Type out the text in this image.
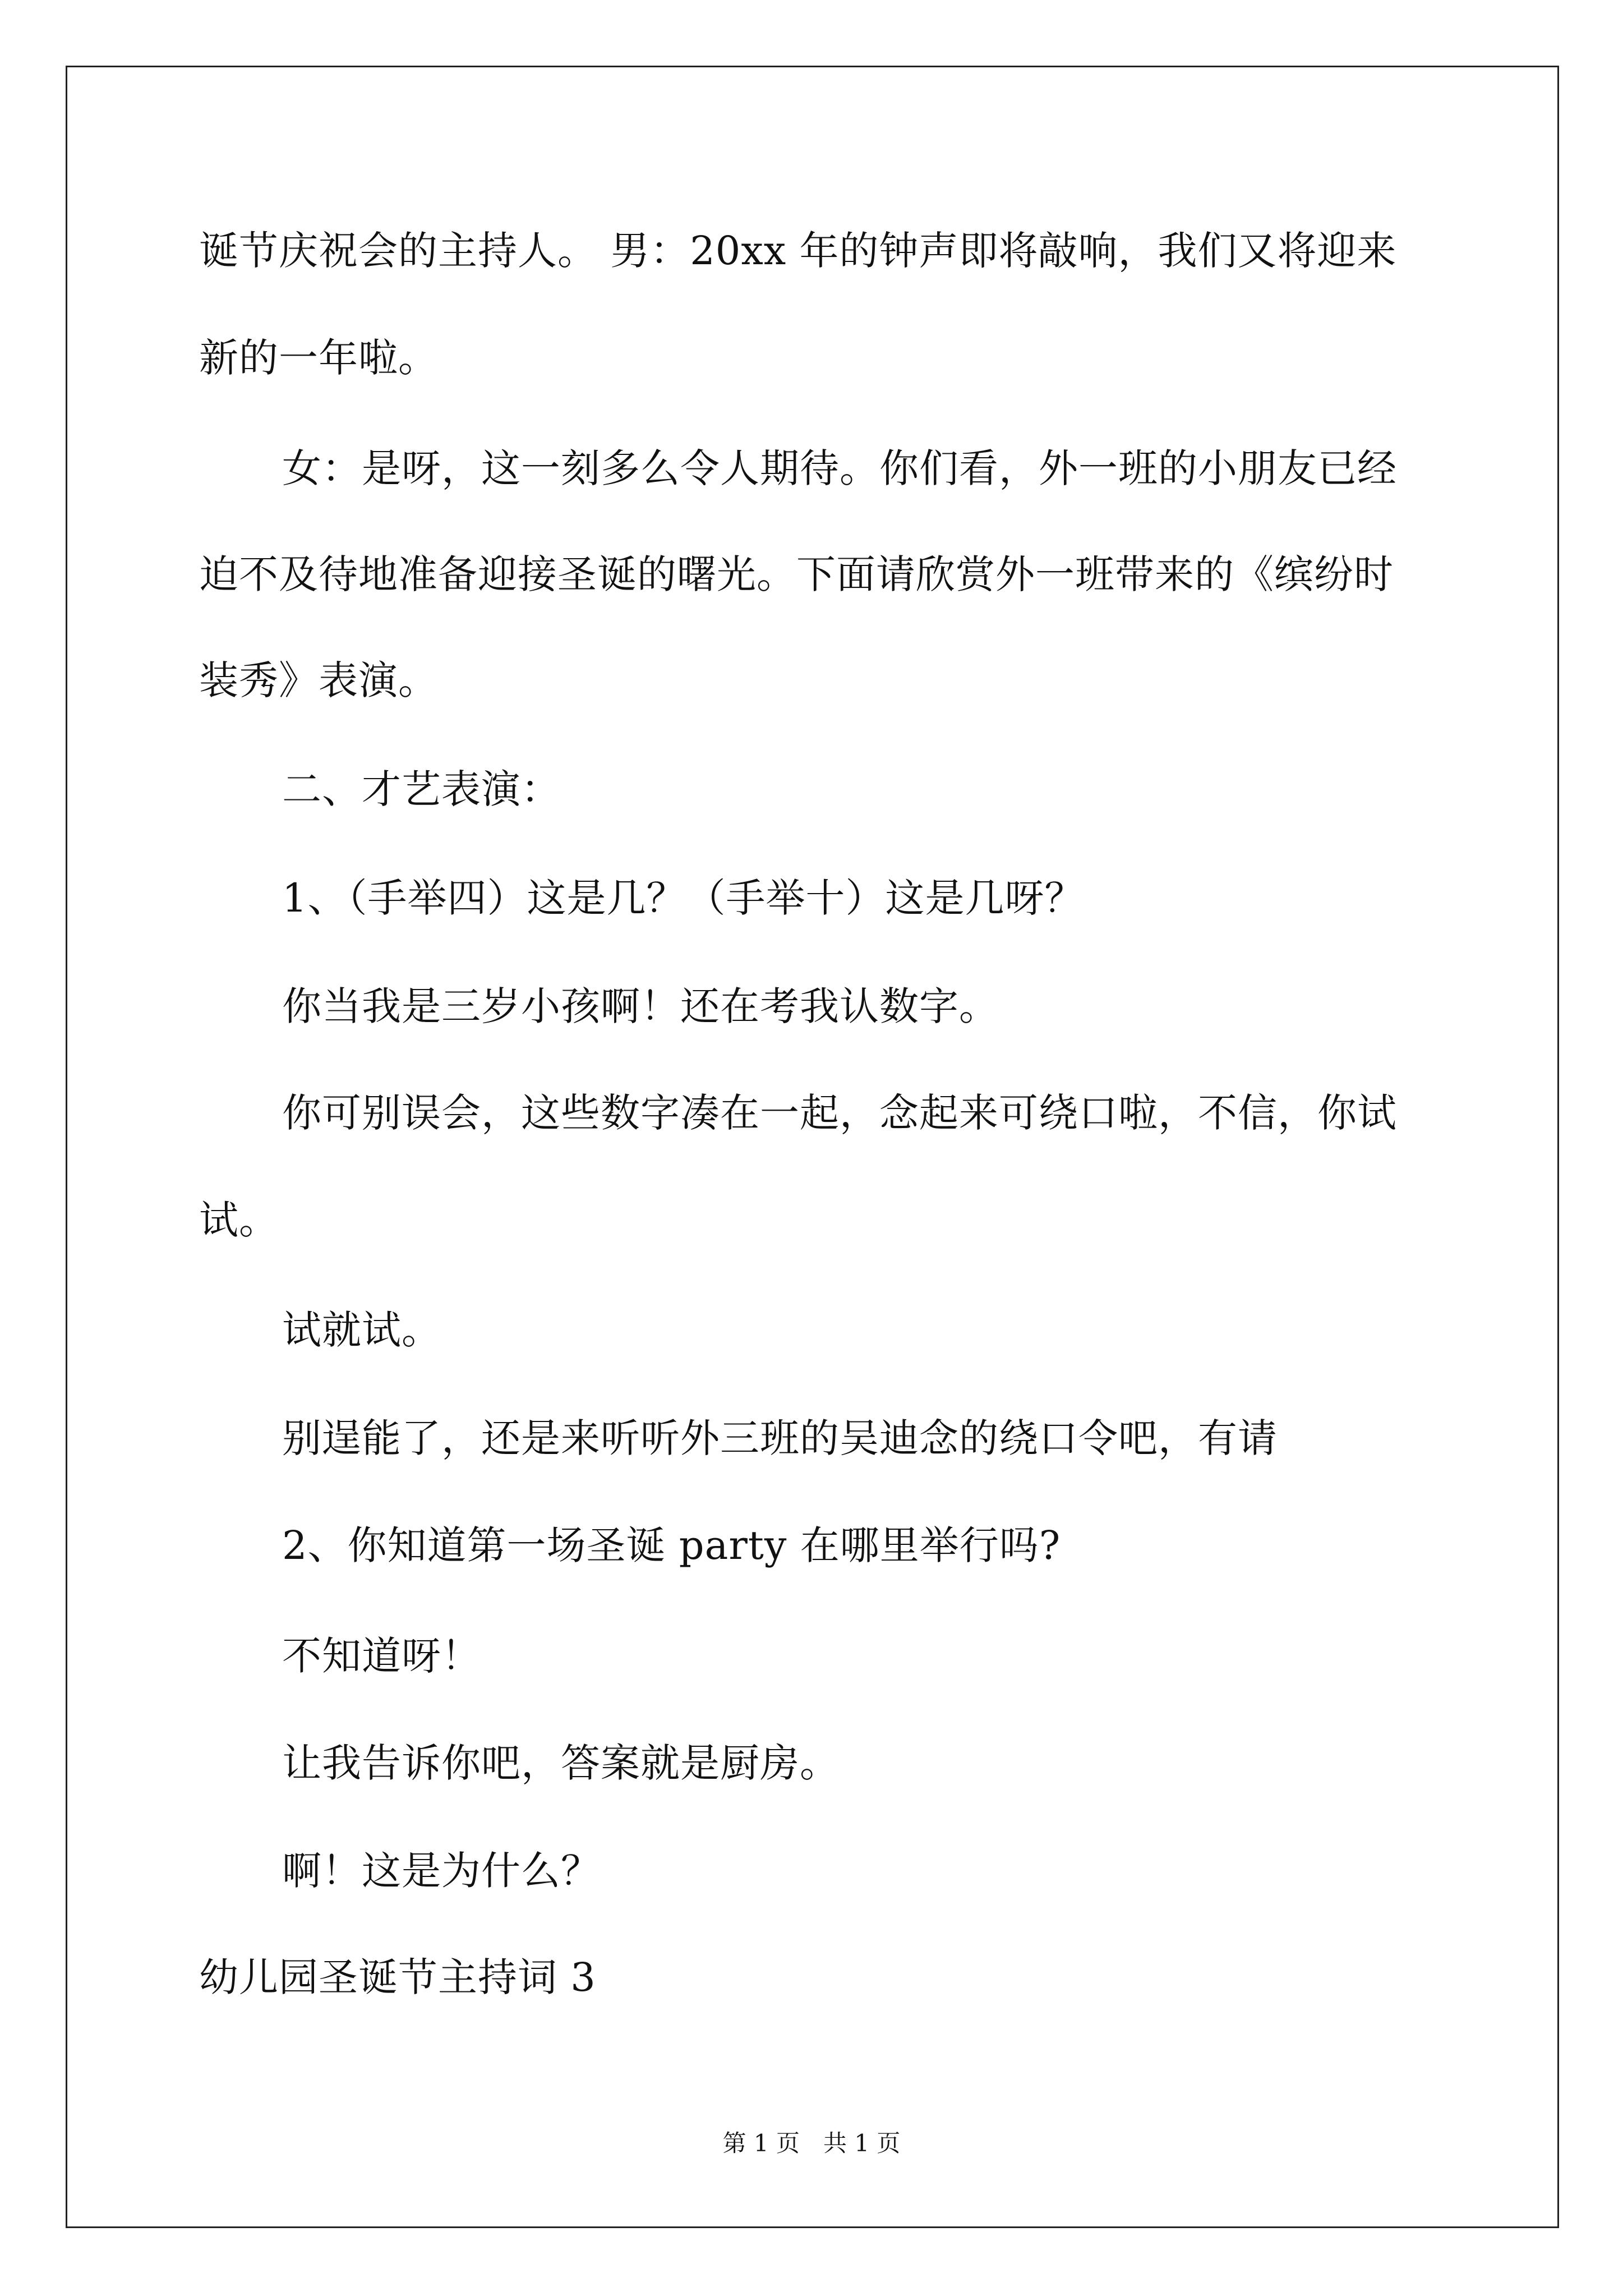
诞节庆祝会的主持人。 男：20xx 年的钟声即将敲响，我们又将迎来
新的一年啦。
女：是呀，这一刻多么令人期待。你们看，外一班的小朋友已经
迫不及待地准备迎接圣诞的曙光。下面请欣赏外一班带来的《缤纷时
装秀》表演。
二、才艺表演：
1、（手举四）这是几？（手举十）这是几呀？
你当我是三岁小孩啊！还在考我认数字。
你可别误会，这些数字凑在一起，念起来可绕口啦，不信，你试
试。
试就试。
别逞能了，还是来听听外三班的吴迪念的绕口令吧，有请
2、你知道第一场圣诞 party 在哪里举行吗?
不知道呀！
让我告诉你吧，答案就是厨房。
啊！这是为什么？
幼儿园圣诞节主持词 3
第 1 页　共 1 页
